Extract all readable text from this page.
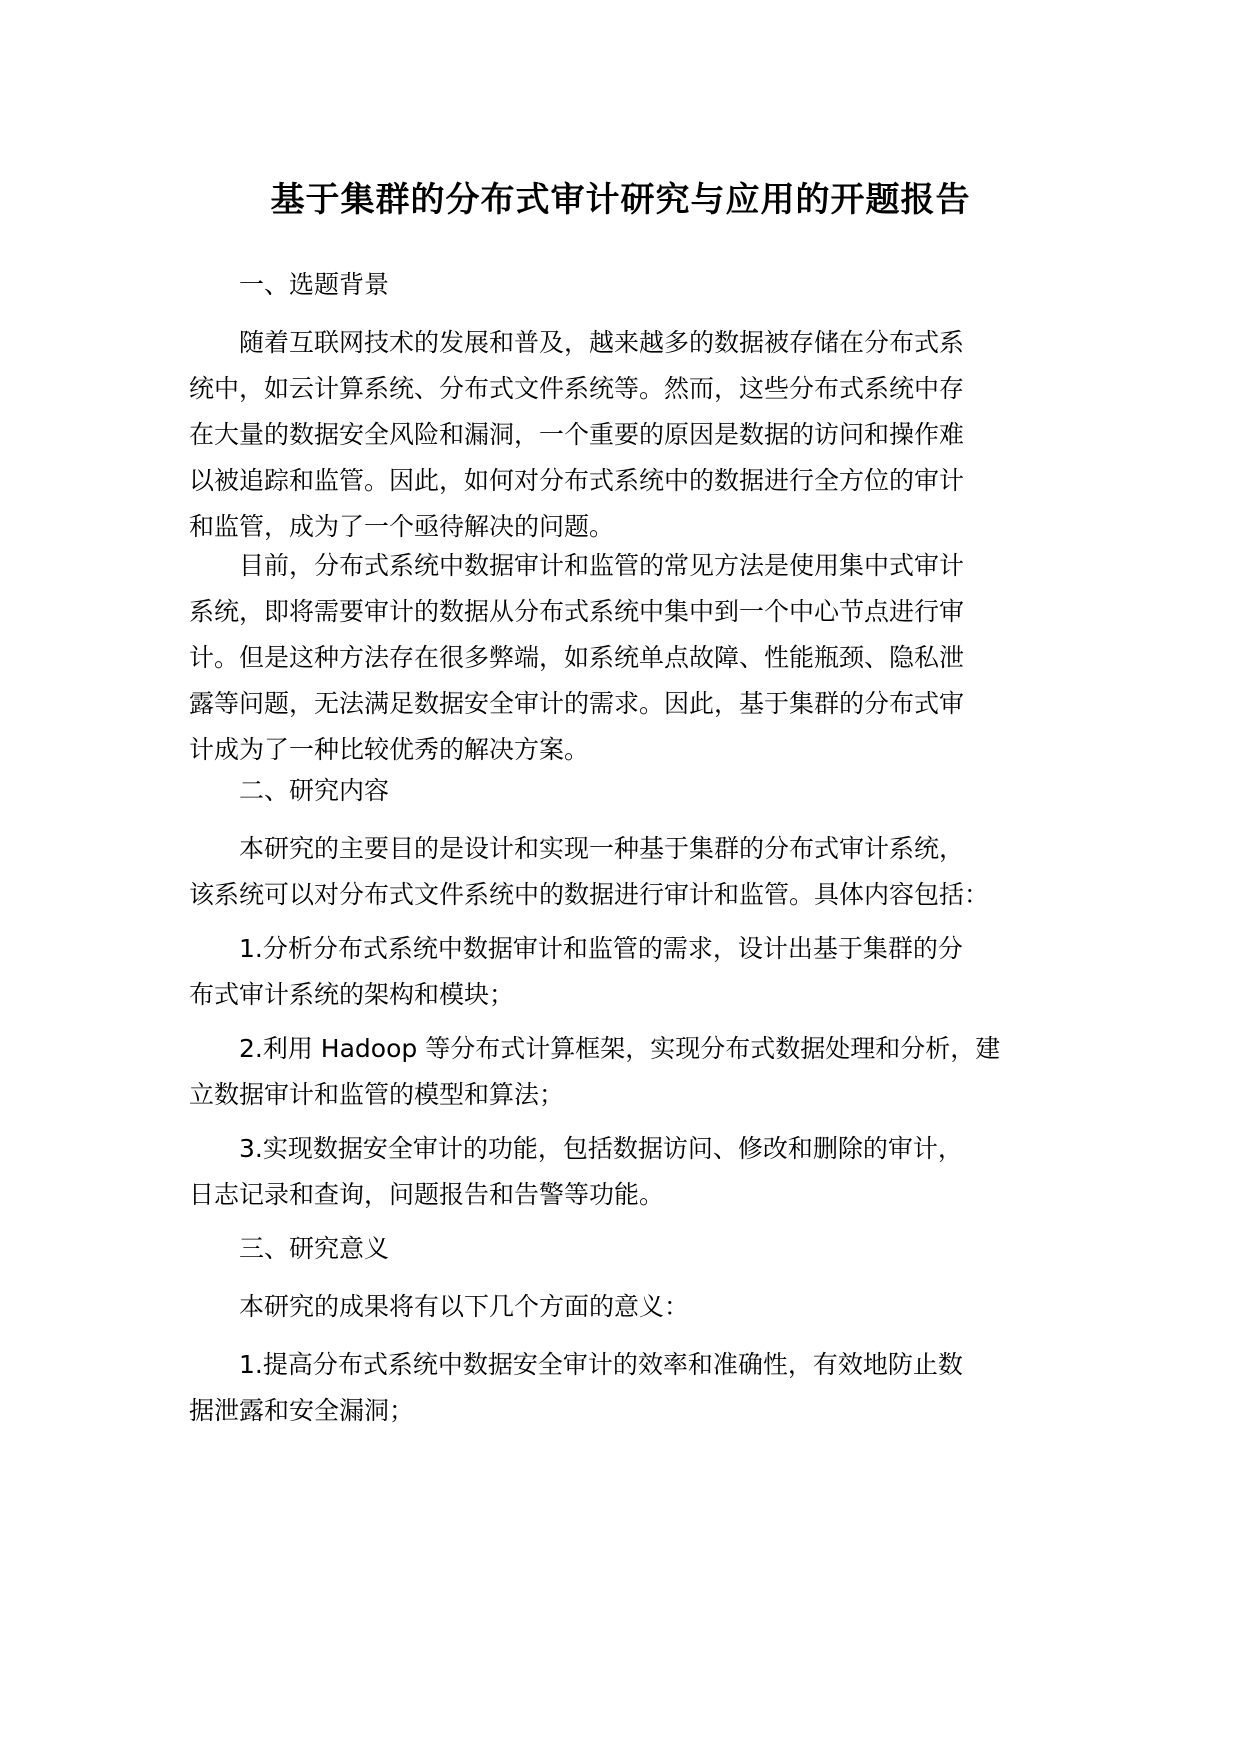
基于集群的分布式审计研究与应用的开题报告
一、选题背景
随着互联网技术的发展和普及，越来越多的数据被存储在分布式系
统中，如云计算系统、分布式文件系统等。然而，这些分布式系统中存
在大量的数据安全风险和漏洞，一个重要的原因是数据的访问和操作难
以被追踪和监管。因此，如何对分布式系统中的数据进行全方位的审计
和监管，成为了一个亟待解决的问题。
目前，分布式系统中数据审计和监管的常见方法是使用集中式审计
系统，即将需要审计的数据从分布式系统中集中到一个中心节点进行审
计。但是这种方法存在很多弊端，如系统单点故障、性能瓶颈、隐私泄
露等问题，无法满足数据安全审计的需求。因此，基于集群的分布式审
计成为了一种比较优秀的解决方案。
二、研究内容
本研究的主要目的是设计和实现一种基于集群的分布式审计系统，
该系统可以对分布式文件系统中的数据进行审计和监管。具体内容包括：
1.分析分布式系统中数据审计和监管的需求，设计出基于集群的分
布式审计系统的架构和模块；
2.利用 Hadoop 等分布式计算框架，实现分布式数据处理和分析，建
立数据审计和监管的模型和算法；
3.实现数据安全审计的功能，包括数据访问、修改和删除的审计，
日志记录和查询，问题报告和告警等功能。
三、研究意义
本研究的成果将有以下几个方面的意义：
1.提高分布式系统中数据安全审计的效率和准确性，有效地防止数
据泄露和安全漏洞；
